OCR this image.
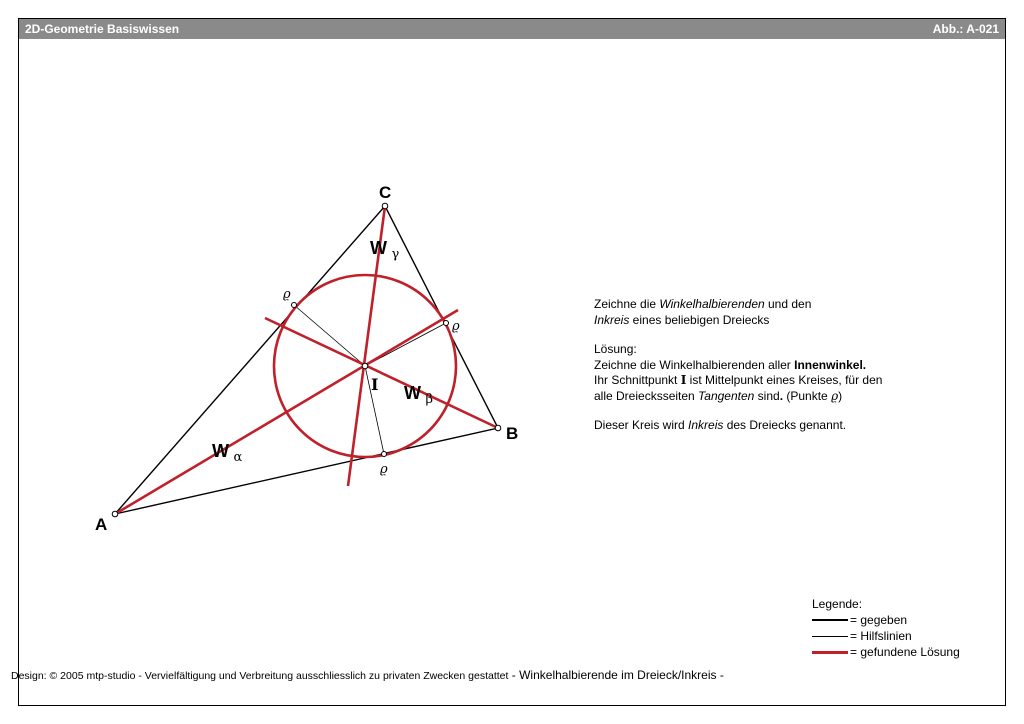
2D-Geometrie Basiswissen	Abb.: A-021
A
B
C
I
ϱ
ϱ
ϱ
W $_\gamma$
W $_\beta$
W $_\alpha$

Zeichne die Winkelhalbierenden und den

Inkreis eines beliebigen Dreiecks

Lösung:

Zeichne die Winkelhalbierenden aller Innenwinkel.

Ihr Schnittpunkt I ist Mittelpunkt eines Kreises, für den

alle Dreiecksseiten Tangenten sind. (Punkte ϱ)

Dieser Kreis wird Inkreis des Dreiecks genannt.

Legende:
= gegeben
= Hilfslinien
= gefundene Lösung
Design: © 2005 mtp-studio - Vervielfältigung und Verbreitung ausschliesslich zu privaten Zwecken gestattet - Winkelhalbierende im Dreieck/Inkreis -
